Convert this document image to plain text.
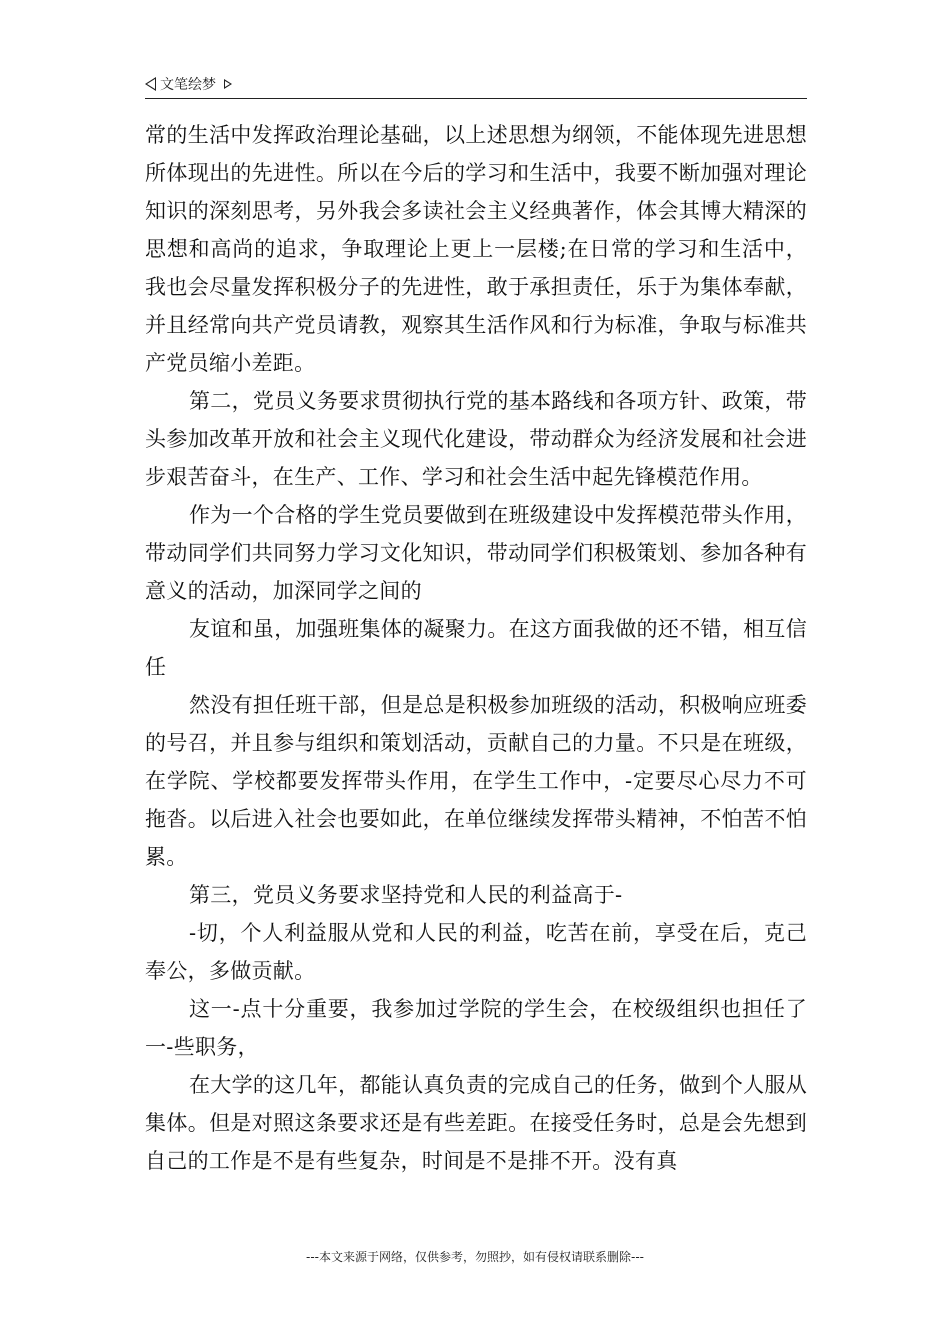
文笔绘梦

常的生活中发挥政治理论基础，以上述思想为纲领，不能体现先进思想所体现出的先进性。所以在今后的学习和生活中，我要不断加强对理论知识的深刻思考，另外我会多读社会主义经典著作，体会其博大精深的思想和高尚的追求，争取理论上更上一层楼;在日常的学习和生活中，我也会尽量发挥积极分子的先进性，敢于承担责任，乐于为集体奉献，并且经常向共产党员请教，观察其生活作风和行为标准，争取与标准共产党员缩小差距。

第二，党员义务要求贯彻执行党的基本路线和各项方针、政策，带头参加改革开放和社会主义现代化建设，带动群众为经济发展和社会进步艰苦奋斗，在生产、工作、学习和社会生活中起先锋模范作用。

作为一个合格的学生党员要做到在班级建设中发挥模范带头作用，带动同学们共同努力学习文化知识，带动同学们积极策划、参加各种有意义的活动，加深同学之间的

友谊和虽，加强班集体的凝聚力。在这方面我做的还不错，相互信任

然没有担任班干部，但是总是积极参加班级的活动，积极响应班委的号召，并且参与组织和策划活动，贡献自己的力量。不只是在班级，在学院、学校都要发挥带头作用，在学生工作中，-定要尽心尽力不可拖沓。以后进入社会也要如此，在单位继续发挥带头精神，不怕苦不怕累。

第三，党员义务要求坚持党和人民的利益高于-

-切，个人利益服从党和人民的利益，吃苦在前，享受在后，克己奉公，多做贡献。

这一-点十分重要，我参加过学院的学生会，在校级组织也担任了一-些职务，

在大学的这几年，都能认真负责的完成自己的任务，做到个人服从集体。但是对照这条要求还是有些差距。在接受任务时，总是会先想到自己的工作是不是有些复杂，时间是不是排不开。没有真

---本文来源于网络，仅供参考，勿照抄，如有侵权请联系删除---
